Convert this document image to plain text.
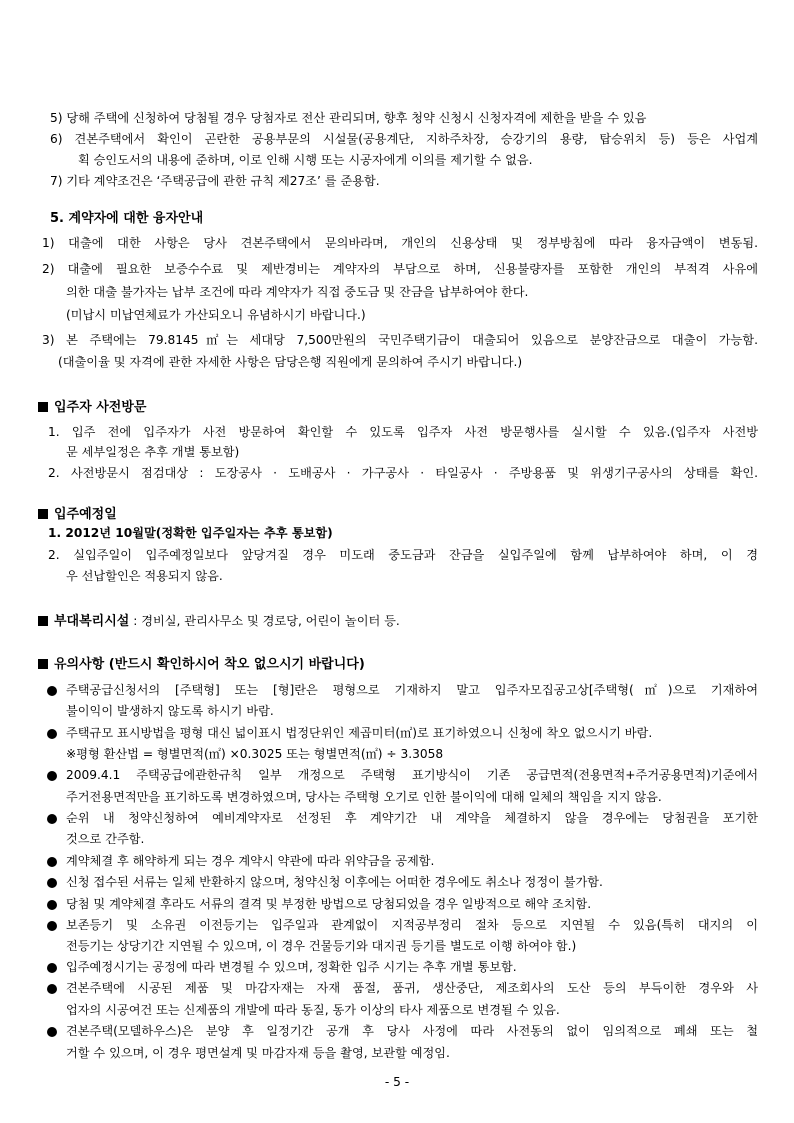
5) 당해 주택에 신청하여 당첨될 경우 당첨자로 전산 관리되며, 향후 청약 신청시 신청자격에 제한을 받을 수 있음
6) 견본주택에서 확인이 곤란한 공용부문의 시설물(공용계단, 지하주차장, 승강기의 용량, 탑승위치 등) 등은 사업계
획 승인도서의 내용에 준하며, 이로 인해 시행 또는 시공자에게 이의를 제기할 수 없음.
7) 기타 계약조건은 ‘주택공급에 관한 규칙 제27조’ 를 준용함.
5. 계약자에 대한 융자안내
1) 대출에 대한 사항은 당사 견본주택에서 문의바라며, 개인의 신용상태 및 정부방침에 따라 융자금액이 변동됨.
2) 대출에 필요한 보증수수료 및 제반경비는 계약자의 부담으로 하며, 신용불량자를 포함한 개인의 부적격 사유에
의한 대출 불가자는 납부 조건에 따라 계약자가 직접 중도금 및 잔금을 납부하여야 한다.
(미납시 미납연체료가 가산되오니 유념하시기 바랍니다.)
3) 본 주택에는 79.8145㎡는 세대당 7,500만원의 국민주택기금이 대출되어 있음으로 분양잔금으로 대출이 가능함.
(대출이율 및 자격에 관한 자세한 사항은 담당은행 직원에게 문의하여 주시기 바랍니다.)
입주자 사전방문
1. 입주 전에 입주자가 사전 방문하여 확인할 수 있도록 입주자 사전 방문행사를 실시할 수 있음.(입주자 사전방
문 세부일정은 추후 개별 통보함)
2. 사전방문시 점검대상 : 도장공사 · 도배공사 · 가구공사 · 타일공사 · 주방용품 및 위생기구공사의 상태를 확인.
입주예정일
1. 2012년 10월말(정확한 입주일자는 추후 통보함)
2. 실입주일이 입주예정일보다 앞당겨질 경우 미도래 중도금과 잔금을 실입주일에 함께 납부하여야 하며, 이 경
우 선납할인은 적용되지 않음.
부대복리시설 : 경비실, 관리사무소 및 경로당, 어린이 놀이터 등.
유의사항 (반드시 확인하시어 착오 없으시기 바랍니다)
주택공급신청서의 [주택형] 또는 [형]란은 평형으로 기재하지 말고 입주자모집공고상[주택형(㎡)으로 기재하여
불이익이 발생하지 않도록 하시기 바람.
주택규모 표시방법을 평형 대신 넓이표시 법정단위인 제곱미터(㎡)로 표기하였으니 신청에 착오 없으시기 바람.
※평형 환산법 = 형별면적(㎡) ×0.3025 또는 형별면적(㎡) ÷ 3.3058
2009.4.1 주택공급에관한규칙 일부 개정으로 주택형 표기방식이 기존 공급면적(전용면적+주거공용면적)기준에서
주거전용면적만을 표기하도록 변경하였으며, 당사는 주택형 오기로 인한 불이익에 대해 일체의 책임을 지지 않음.
순위 내 청약신청하여 예비계약자로 선정된 후 계약기간 내 계약을 체결하지 않을 경우에는 당첨권을 포기한
것으로 간주함.
계약체결 후 해약하게 되는 경우 계약시 약관에 따라 위약금을 공제함.
신청 접수된 서류는 일체 반환하지 않으며, 청약신청 이후에는 어떠한 경우에도 취소나 정정이 불가함.
당첨 및 계약체결 후라도 서류의 결격 및 부정한 방법으로 당첨되었을 경우 일방적으로 해약 조치함.
보존등기 및 소유권 이전등기는 입주일과 관계없이 지적공부정리 절차 등으로 지연될 수 있음(특히 대지의 이
전등기는 상당기간 지연될 수 있으며, 이 경우 건물등기와 대지권 등기를 별도로 이행 하여야 함.)
입주예정시기는 공정에 따라 변경될 수 있으며, 정확한 입주 시기는 추후 개별 통보함.
견본주택에 시공된 제품 및 마감자재는 자재 품절, 품귀, 생산중단, 제조회사의 도산 등의 부득이한 경우와 사
업자의 시공여건 또는 신제품의 개발에 따라 동질, 동가 이상의 타사 제품으로 변경될 수 있음.
견본주택(모델하우스)은 분양 후 일정기간 공개 후 당사 사정에 따라 사전동의 없이 임의적으로 폐쇄 또는 철
거할 수 있으며, 이 경우 평면설계 및 마감자재 등을 촬영, 보관할 예정임.
- 5 -
